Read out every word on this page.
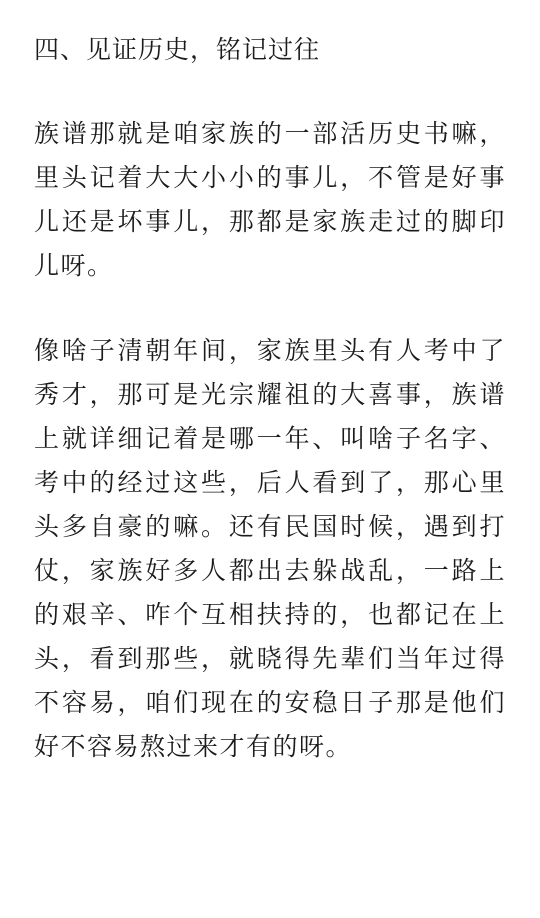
四、见证历史，铭记过往

族谱那就是咱家族的一部活历史书嘛，里头记着大大小小的事儿，不管是好事儿还是坏事儿，那都是家族走过的脚印儿呀。

像啥子清朝年间，家族里头有人考中了秀才，那可是光宗耀祖的大喜事，族谱上就详细记着是哪一年、叫啥子名字、考中的经过这些，后人看到了，那心里头多自豪的嘛。还有民国时候，遇到打仗，家族好多人都出去躲战乱，一路上的艰辛、咋个互相扶持的，也都记在上头，看到那些，就晓得先辈们当年过得不容易，咱们现在的安稳日子那是他们好不容易熬过来才有的呀。
